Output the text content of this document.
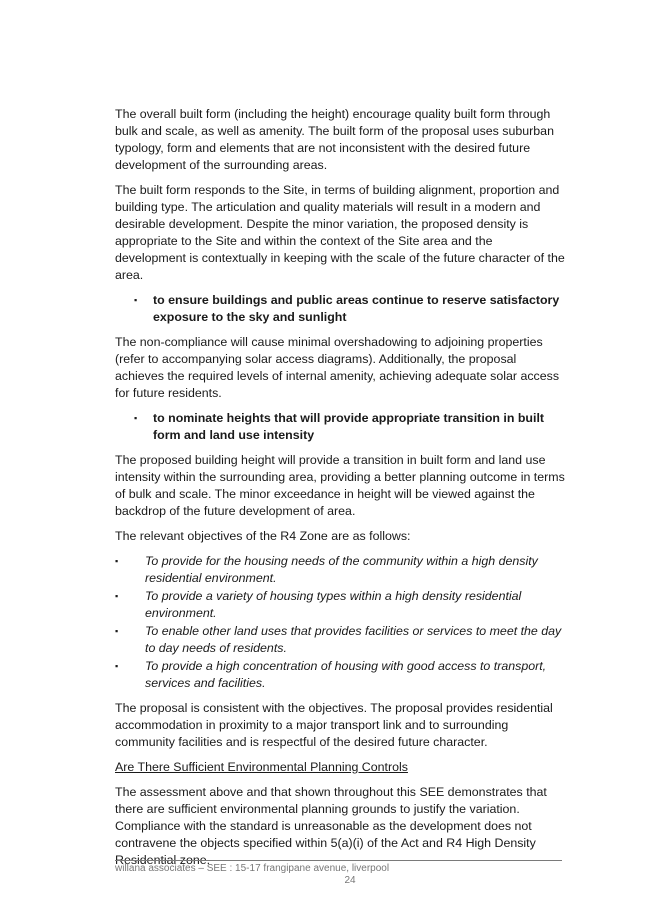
The overall built form (including the height) encourage quality built form through bulk and scale, as well as amenity. The built form of the proposal uses suburban typology, form and elements that are not inconsistent with the desired future development of the surrounding areas.

The built form responds to the Site, in terms of building alignment, proportion and building type. The articulation and quality materials will result in a modern and desirable development. Despite the minor variation, the proposed density is appropriate to the Site and within the context of the Site area and the development is contextually in keeping with the scale of the future character of the area.

▪	to ensure buildings and public areas continue to reserve satisfactory exposure to the sky and sunlight

The non-compliance will cause minimal overshadowing to adjoining properties (refer to accompanying solar access diagrams). Additionally, the proposal achieves the required levels of internal amenity, achieving adequate solar access for future residents.

▪	to nominate heights that will provide appropriate transition in built form and land use intensity

The proposed building height will provide a transition in built form and land use intensity within the surrounding area, providing a better planning outcome in terms of bulk and scale. The minor exceedance in height will be viewed against the backdrop of the future development of area.

The relevant objectives of the R4 Zone are as follows:

▪	To provide for the housing needs of the community within a high density residential environment.
▪	To provide a variety of housing types within a high density residential environment.
▪	To enable other land uses that provides facilities or services to meet the day to day needs of residents.
▪	To provide a high concentration of housing with good access to transport, services and facilities.

The proposal is consistent with the objectives. The proposal provides residential accommodation in proximity to a major transport link and to surrounding community facilities and is respectful of the desired future character.

Are There Sufficient Environmental Planning Controls

The assessment above and that shown throughout this SEE demonstrates that there are sufficient environmental planning grounds to justify the variation. Compliance with the standard is unreasonable as the development does not contravene the objects specified within 5(a)(i) of the Act and R4 High Density Residential zone.

willana associates – SEE : 15-17 frangipane avenue, liverpool
24
